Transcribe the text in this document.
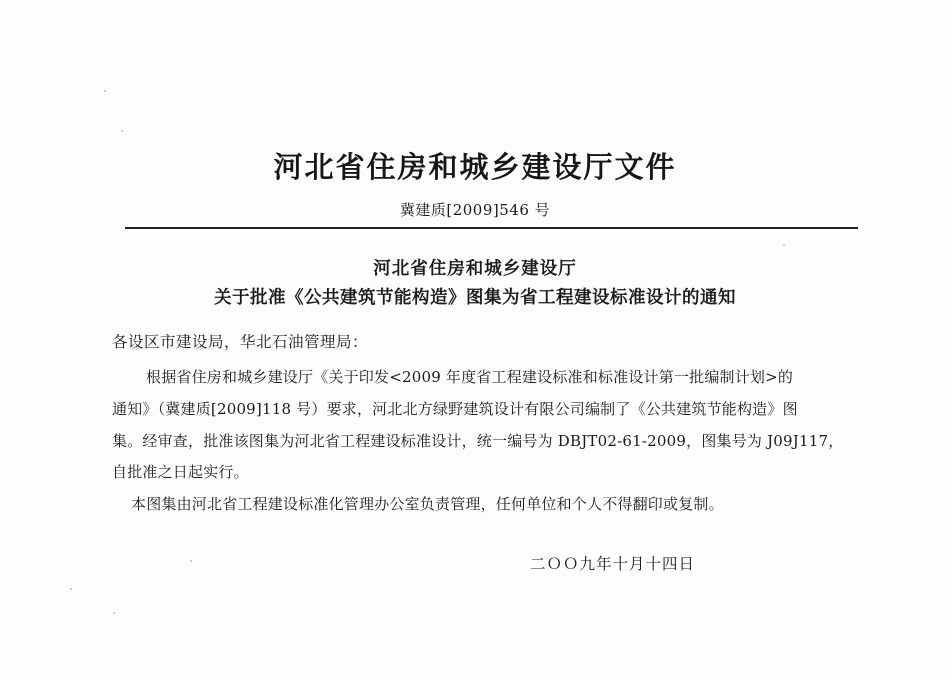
河北省住房和城乡建设厅文件
冀建质[2009]546 号
河北省住房和城乡建设厅
关于批准《公共建筑节能构造》图集为省工程建设标准设计的通知
各设区市建设局，华北石油管理局：
根据省住房和城乡建设厅《关于印发<2009 年度省工程建设标准和标准设计第一批编制计划>的
通知》（冀建质[2009]118 号）要求，河北北方绿野建筑设计有限公司编制了《公共建筑节能构造》图
集。经审查，批准该图集为河北省工程建设标准设计，统一编号为 DBJT02-61-2009，图集号为 J09J117，
自批准之日起实行。
本图集由河北省工程建设标准化管理办公室负责管理，任何单位和个人不得翻印或复制。
二ＯＯ九年十月十四日
